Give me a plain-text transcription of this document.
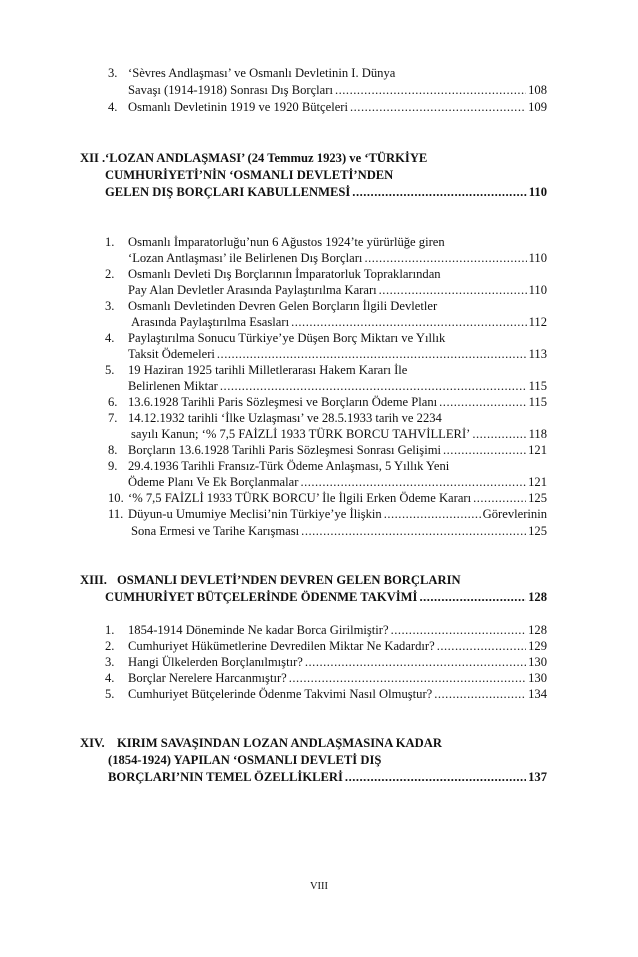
3. ‘Sèvres Andlaşması’ ve Osmanlı Devletinin I. Dünya
Savaşı (1914-1918) Sonrası Dış Borçları .....	108
4. Osmanlı Devletinin 1919 ve 1920 Bütçeleri .....	109
XII . ‘LOZAN ANDLAŞMASI’ (24 Temmuz 1923) ve ‘TÜRKİYE
CUMHURİYETİ’NİN ‘OSMANLI DEVLETİ’NDEN
GELEN DIŞ BORÇLARI KABULLENMESİ .....	110
1. Osmanlı İmparatorluğu’nun 6 Ağustos 1924’te yürürlüğe giren
‘Lozan Antlaşması’ ile Belirlenen Dış Borçları .....	110
2. Osmanlı Devleti Dış Borçlarının İmparatorluk Topraklarından
Pay Alan Devletler Arasında Paylaştırılma Kararı .....	110
3. Osmanlı Devletinden Devren Gelen Borçların İlgili Devletler
Arasında Paylaştırılma Esasları .....	112
4. Paylaştırılma Sonucu Türkiye’ye Düşen Borç Miktarı ve Yıllık
Taksit Ödemeleri .....	113
5. 19 Haziran 1925 tarihli Milletlerarası Hakem Kararı İle
Belirlenen Miktar .....	115
6. 13.6.1928 Tarihli Paris Sözleşmesi ve Borçların Ödeme Planı .....	115
7. 14.12.1932 tarihli ‘İlke Uzlaşması’ ve 28.5.1933 tarih ve 2234
sayılı Kanun; ‘% 7,5 FAİZLİ 1933 TÜRK BORCU TAHVİLLERİ’ .....	118
8. Borçların 13.6.1928 Tarihli Paris Sözleşmesi Sonrası Gelişimi .....	121
9. 29.4.1936 Tarihli Fransız-Türk Ödeme Anlaşması, 5 Yıllık Yeni
Ödeme Planı Ve Ek Borçlanmalar .....	121
10. ‘% 7,5 FAİZLİ 1933 TÜRK BORCU’ İle İlgili Erken Ödeme Kararı .....	125
11. Düyun-u Umumiye Meclisi’nin Türkiye’ye İlişkin .....	Görevlerinin
Sona Ermesi ve Tarihe Karışması .....	125
XIII. OSMANLI DEVLETİ’NDEN DEVREN GELEN BORÇLARIN
CUMHURİYET BÜTÇELERİNDE ÖDENME TAKVİMİ .....	128
1. 1854-1914 Döneminde Ne kadar Borca Girilmiştir? .....	128
2. Cumhuriyet Hükümetlerine Devredilen Miktar Ne Kadardır? .....	129
3. Hangi Ülkelerden Borçlanılmıştır? .....	130
4. Borçlar Nerelere Harcanmıştır? .....	130
5. Cumhuriyet Bütçelerinde Ödenme Takvimi Nasıl Olmuştur? .....	134
XIV. KIRIM SAVAŞINDAN LOZAN ANDLAŞMASINA KADAR
(1854-1924) YAPILAN ‘OSMANLI DEVLETİ DIŞ
BORÇLARI’NIN TEMEL ÖZELLİKLERİ .....	137
VIII
